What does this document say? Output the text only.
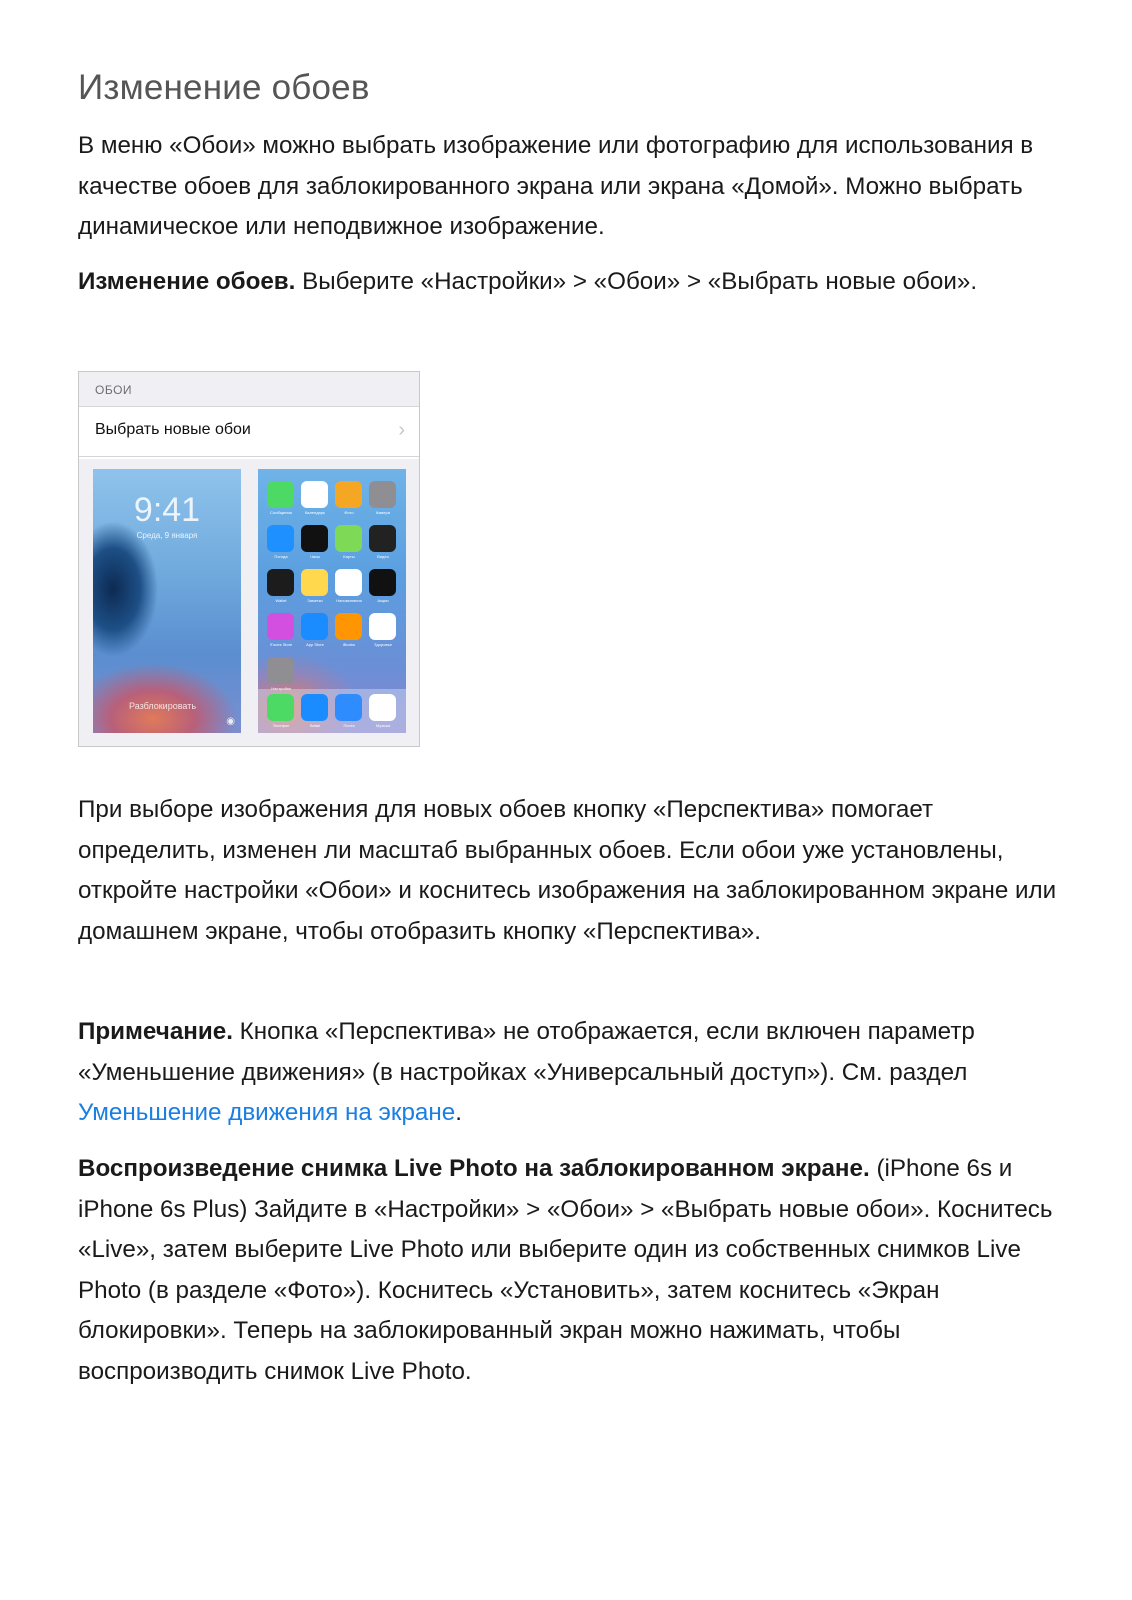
Изменение обоев

В меню «Обои» можно выбрать изображение или фотографию для использования в качестве обоев для заблокированного экрана или экрана «Домой». Можно выбрать динамическое или неподвижное изображение.

Изменение обоев. Выберите «Настройки» > «Обои» > «Выбрать новые обои».

ОБОИ
Выбрать новые обои	›
9:41
Среда, 9 января
Разблокировать
◉
Сообщения	Календарь	Фото	Камера
Погода	Часы	Карты	Видео
Wallet	Заметки	Напоминания	Акции
iTunes Store	App Store	iBooks	Здоровье
Настройки
Телефон	Safari	Почта	Музыка

При выборе изображения для новых обоев кнопку «Перспектива» помогает определить, изменен ли масштаб выбранных обоев. Если обои уже установлены, откройте настройки «Обои» и коснитесь изображения на заблокированном экране или домашнем экране, чтобы отобразить кнопку «Перспектива».

Примечание. Кнопка «Перспектива» не отображается, если включен параметр «Уменьшение движения» (в настройках «Универсальный доступ»). См. раздел Уменьшение движения на экране.

Воспроизведение снимка Live Photo на заблокированном экране. (iPhone 6s и iPhone 6s Plus) Зайдите в «Настройки» > «Обои» > «Выбрать новые обои». Коснитесь «Live», затем выберите Live Photo или выберите один из собственных снимков Live Photo (в разделе «Фото»). Коснитесь «Установить», затем коснитесь «Экран блокировки». Теперь на заблокированный экран можно нажимать, чтобы воспроизводить снимок Live Photo.
